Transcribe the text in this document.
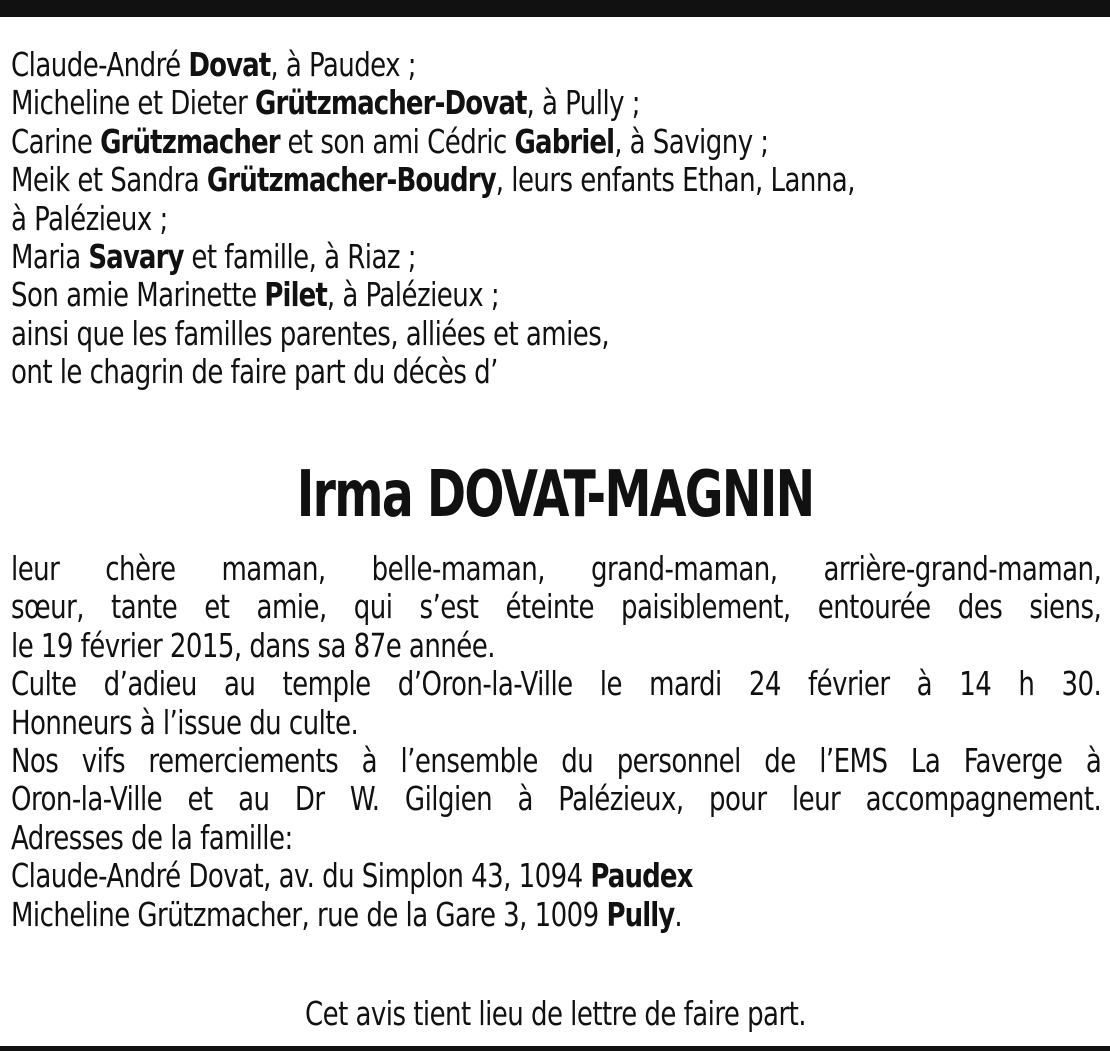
Claude-André Dovat, à Paudex ;
Micheline et Dieter Grützmacher-Dovat, à Pully ;
Carine Grützmacher et son ami Cédric Gabriel, à Savigny ;
Meik et Sandra Grützmacher-Boudry, leurs enfants Ethan, Lanna,
à Palézieux ;
Maria Savary et famille, à Riaz ;
Son amie Marinette Pilet, à Palézieux ;
ainsi que les familles parentes, alliées et amies,
ont le chagrin de faire part du décès d’
Irma DOVAT-MAGNIN
leur chère maman, belle-maman, grand-maman, arrière-grand-maman,
sœur, tante et amie, qui s’est éteinte paisiblement, entourée des siens,
le 19 février 2015, dans sa 87e année.
Culte d’adieu au temple d’Oron-la-Ville le mardi 24 février à 14 h 30.
Honneurs à l’issue du culte.
Nos vifs remerciements à l’ensemble du personnel de l’EMS La Faverge à
Oron-la-Ville et au Dr W. Gilgien à Palézieux, pour leur accompagnement.
Adresses de la famille:
Claude-André Dovat, av. du Simplon 43, 1094 Paudex
Micheline Grützmacher, rue de la Gare 3, 1009 Pully.
Cet avis tient lieu de lettre de faire part.
